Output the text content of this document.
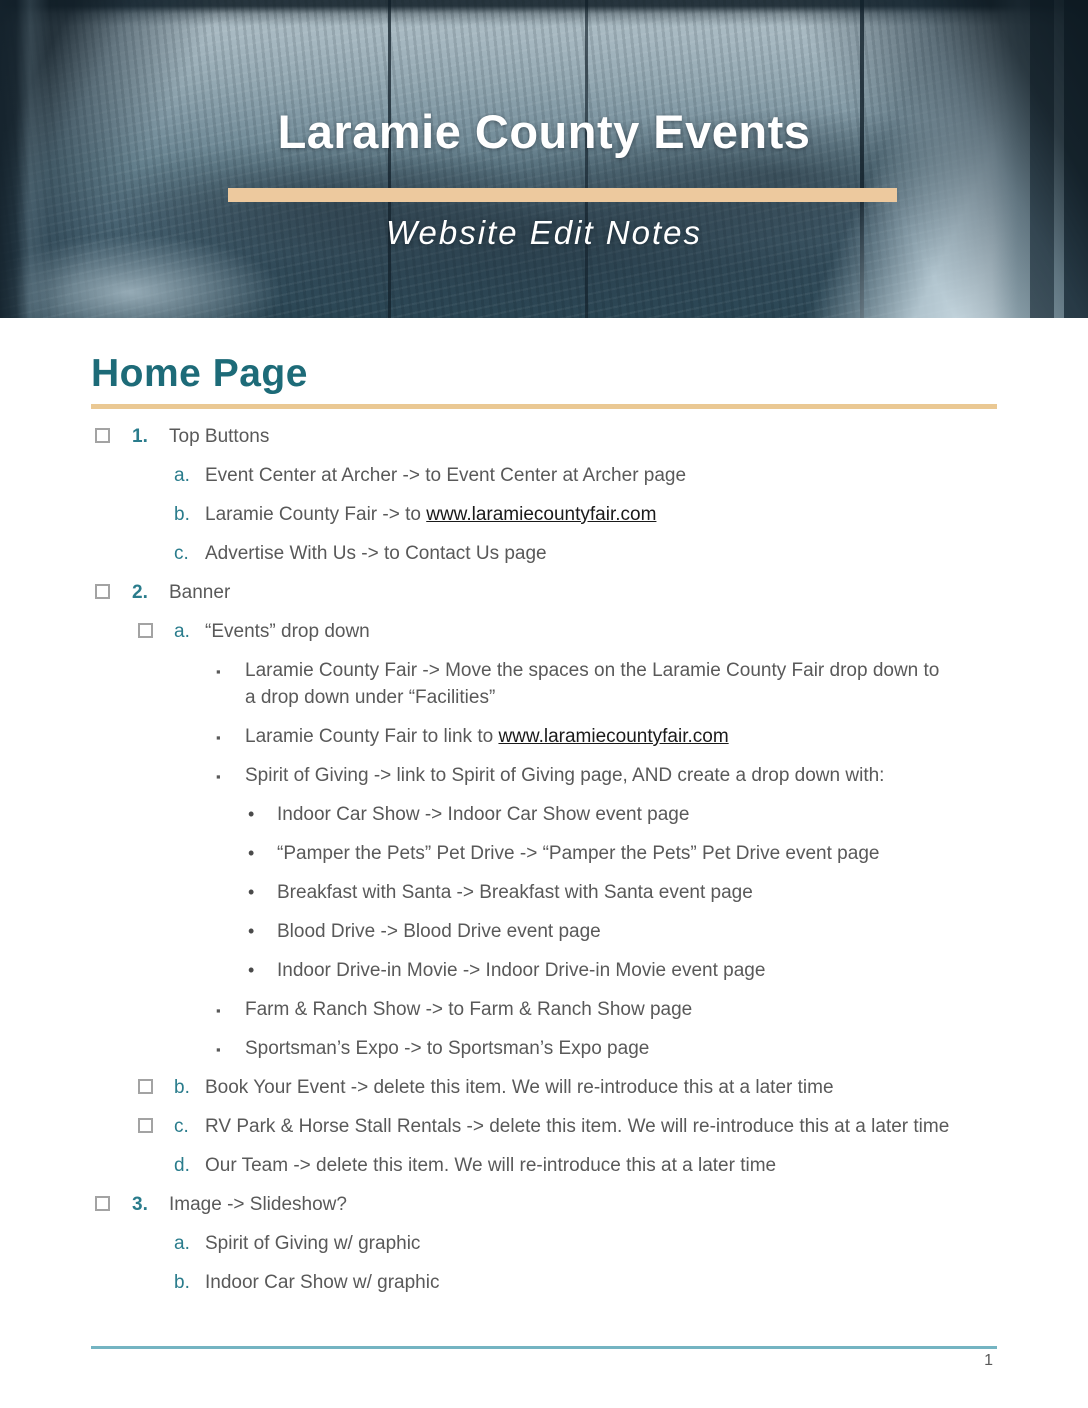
Laramie County Events
Website Edit Notes
Home Page
1. Top Buttons
a. Event Center at Archer -> to Event Center at Archer page
b. Laramie County Fair -> to www.laramiecountyfair.com
c. Advertise With Us -> to Contact Us page
2. Banner
a. “Events” drop down
▪ Laramie County Fair -> Move the spaces on the Laramie County Fair drop down to a drop down under “Facilities”
▪ Laramie County Fair to link to www.laramiecountyfair.com
▪ Spirit of Giving -> link to Spirit of Giving page, AND create a drop down with:
• Indoor Car Show -> Indoor Car Show event page
• “Pamper the Pets” Pet Drive -> “Pamper the Pets” Pet Drive event page
• Breakfast with Santa -> Breakfast with Santa event page
• Blood Drive -> Blood Drive event page
• Indoor Drive-in Movie -> Indoor Drive-in Movie event page
▪ Farm & Ranch Show -> to Farm & Ranch Show page
▪ Sportsman’s Expo -> to Sportsman’s Expo page
b. Book Your Event -> delete this item. We will re-introduce this at a later time
c. RV Park & Horse Stall Rentals -> delete this item. We will re-introduce this at a later time
d. Our Team -> delete this item. We will re-introduce this at a later time
3. Image -> Slideshow?
a. Spirit of Giving w/ graphic
b. Indoor Car Show w/ graphic
1
